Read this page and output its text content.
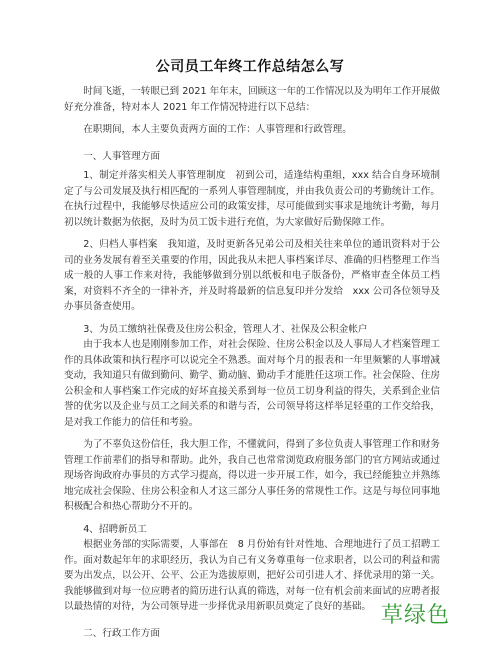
公司员工年终工作总结怎么写

时间飞逝，一转眼已到 2021 年年末，回顾这一年的工作情况以及为明年工作开展做好充分准备，特对本人 2021 年工作情况特进行以下总结：

在职期间，本人主要负责两方面的工作：人事管理和行政管理。

一、人事管理方面

1、制定并落实相关人事管理制度　初到公司，适逢结构重组，xxx 结合自身环境制定了与公司发展及执行相匹配的一系列人事管理制度，并由我负责公司的考勤统计工作。在执行过程中，我能够尽快适应公司的政策安排，尽可能做到实事求是地统计考勤，每月初以统计数据为依据，及时为员工饭卡进行充值，为大家做好后勤保障工作。

2、归档人事档案　我知道，及时更新各兄弟公司及相关往来单位的通讯资料对于公司的业务发展有着至关重要的作用，因此我从未把人事档案详尽、准确的归档整理工作当成一般的人事工作来对待，我能够做到分别以纸板和电子版备份，严格审查全体员工档案，对资料不齐全的一律补齐，并及时将最新的信息复印并分发给　xxx 公司各位领导及办事员备查使用。

3、为员工缴纳社保费及住房公积金，管理人才、社保及公积金帐户

由于我本人也是刚刚参加工作，对社会保险、住房公积金以及人事局人才档案管理工作的具体政策和执行程序可以说完全不熟悉。面对每个月的报表和一年里频繁的人事增减变动，我知道只有做到勤问、勤学、勤动脑、勤动手才能胜任这项工作。社会保险、住房公积金和人事档案工作完成的好坏直接关系到每一位员工切身利益的得失，关系到企业信誉的优劣以及企业与员工之间关系的和谐与否，公司领导将这样举足轻重的工作交给我，是对我工作能力的信任和考验。

为了不辜负这份信任，我大胆工作，不懂就问，得到了多位负责人事管理工作和财务管理工作前辈们的指导和帮助。此外，我自己也常常浏览政府服务部门的官方网站或通过现场咨询政府办事员的方式学习提高，得以进一步开展工作，如今，我已经能独立并熟练地完成社会保险、住房公积金和人才这三部分人事任务的常规性工作。这是与每位同事地积极配合和热心帮助分不开的。

4、招聘新员工

根据业务部的实际需要，人事部在　8 月份始有针对性地、合理地进行了员工招聘工作。面对数起年年的求职经历，我认为自己有义务尊重每一位求职者，以公司的利益和需要为出发点，以公开、公平、公正为选拔原则，把好公司引进人才、择优录用的第一关。我能够做到对每一位应聘者的简历进行认真的筛选，对每一位有机会前来面试的应聘者报以最热情的对待，为公司领导进一步择优录用新职员奠定了良好的基础。

二、行政工作方面

草绿色
